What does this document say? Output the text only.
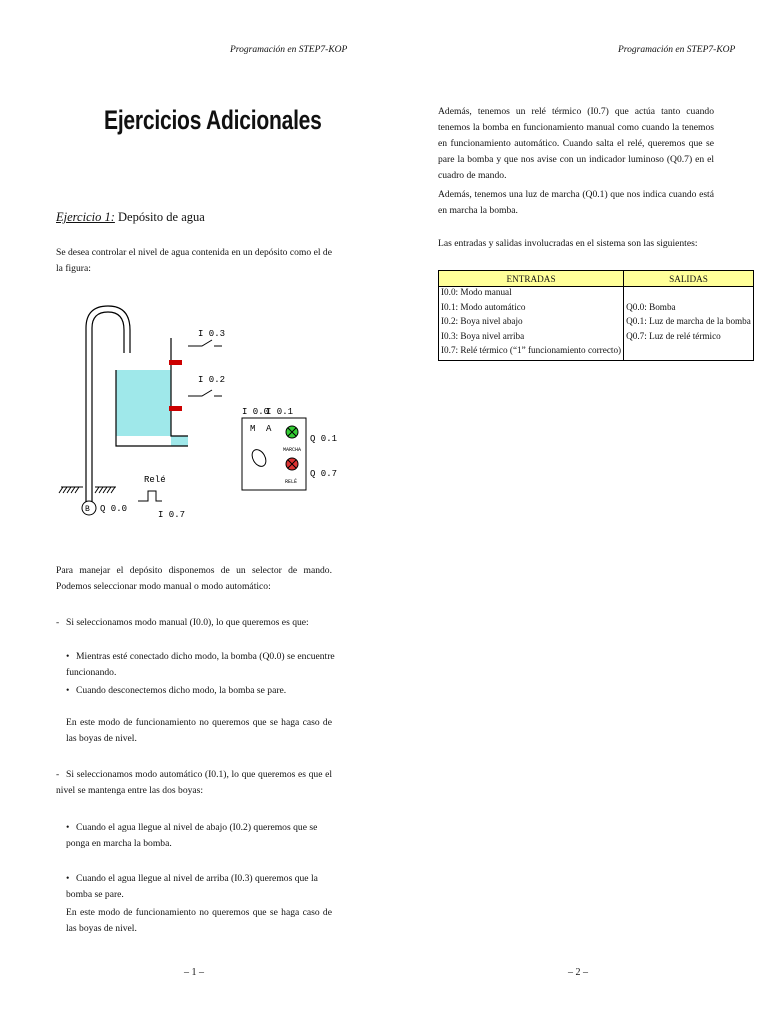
Programación en STEP7-KOP
Ejercicios Adicionales
Ejercicio 1: Depósito de agua
Se desea controlar el nivel de agua contenida en un depósito como el de la figura:
B Q 0.0
I 0.3
I 0.2
Relé
I 0.7
I 0.0
I 0.1
M A
MARCHA
RELÉ
Q 0.1
Q 0.7
Para manejar el depósito disponemos de un selector de mando. Podemos seleccionar modo manual o modo automático:
- Si seleccionamos modo manual (I0.0), lo que queremos es que:
• Mientras esté conectado dicho modo, la bomba (Q0.0) se encuentre funcionando.
• Cuando desconectemos dicho modo, la bomba se pare.
En este modo de funcionamiento no queremos que se haga caso de las boyas de nivel.
- Si seleccionamos modo automático (I0.1), lo que queremos es que el nivel se mantenga entre las dos boyas:
• Cuando el agua llegue al nivel de abajo (I0.2) queremos que se ponga en marcha la bomba.
• Cuando el agua llegue al nivel de arriba (I0.3) queremos que la bomba se pare.
En este modo de funcionamiento no queremos que se haga caso de las boyas de nivel.
– 1 –
Programación en STEP7-KOP
Además, tenemos un relé térmico (I0.7) que actúa tanto cuando tenemos la bomba en funcionamiento manual como cuando la tenemos en funcionamiento automático. Cuando salta el relé, queremos que se pare la bomba y que nos avise con un indicador luminoso (Q0.7) en el cuadro de mando.
Además, tenemos una luz de marcha (Q0.1) que nos indica cuando está en marcha la bomba.
Las entradas y salidas involucradas en el sistema son las siguientes:
ENTRADAS	SALIDAS
I0.0: Modo manual	
I0.1: Modo automático	Q0.0: Bomba
I0.2: Boya nivel abajo	Q0.1: Luz de marcha de la bomba
I0.3: Boya nivel arriba	Q0.7: Luz de relé térmico
I0.7: Relé térmico (“1” funcionamiento correcto)	
– 2 –
